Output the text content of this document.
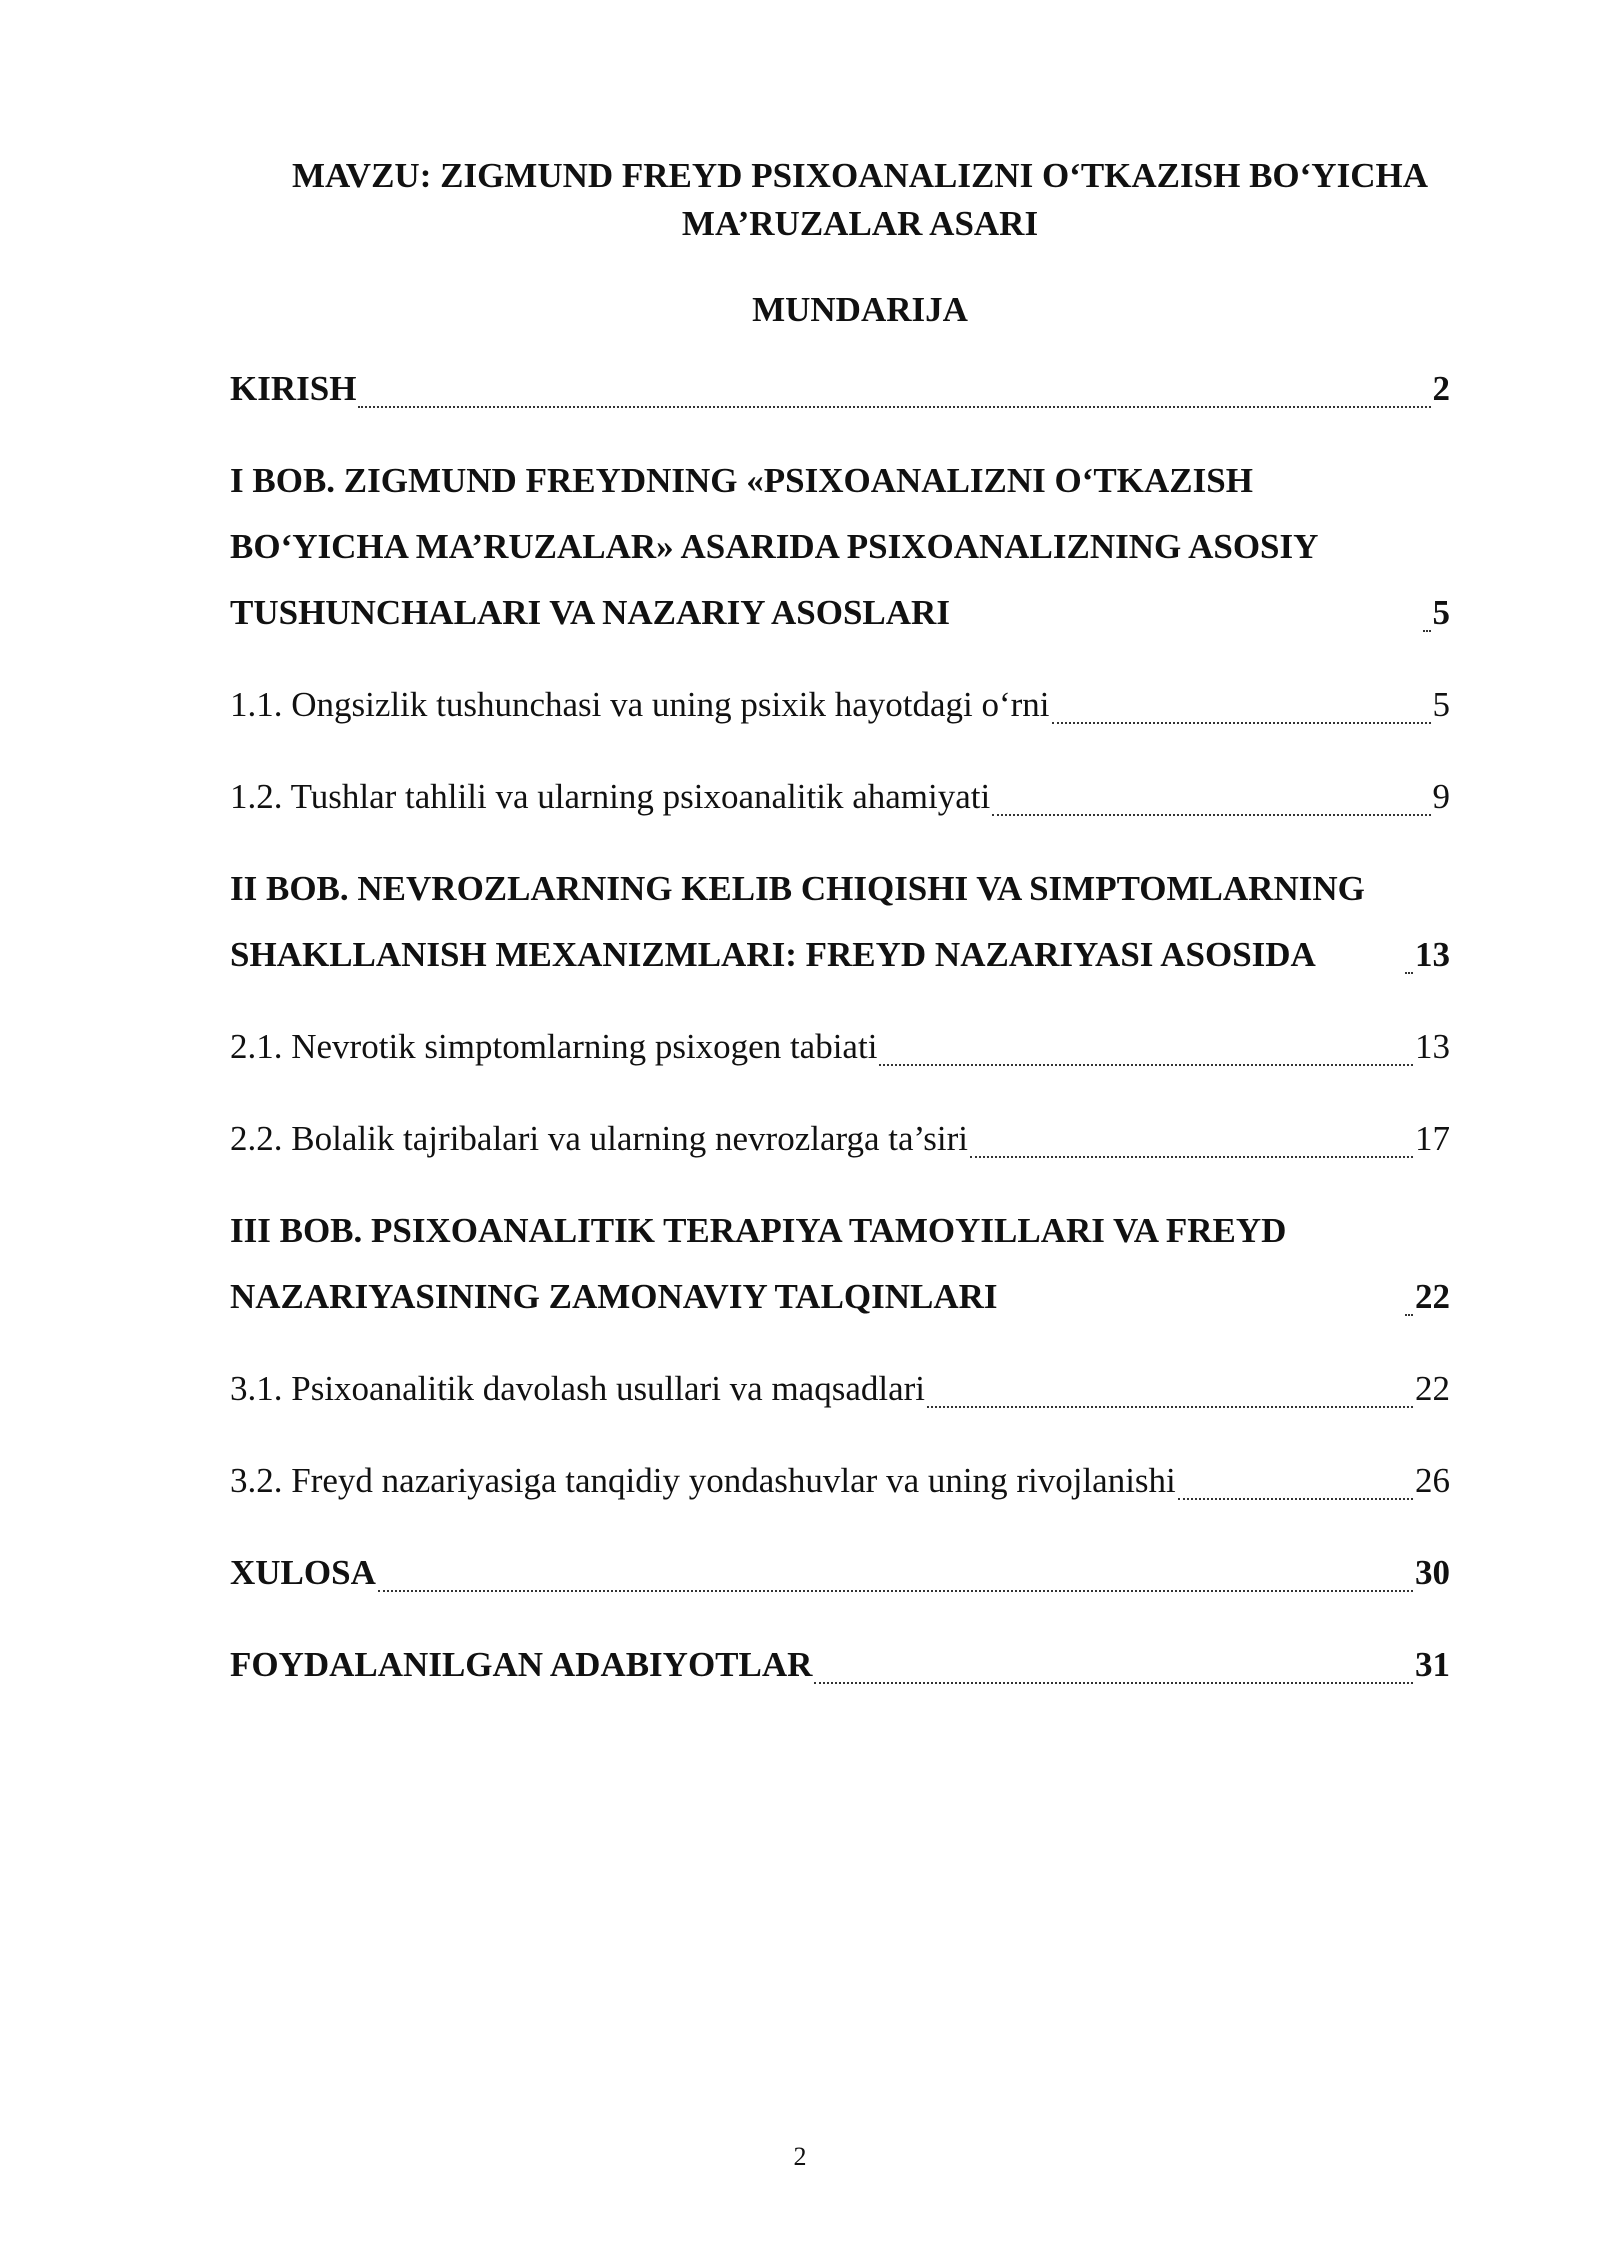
MAVZU: ZIGMUND FREYD PSIXOANALIZNI O‘TKAZISH BO‘YICHA MA’RUZALAR ASARI
MUNDARIJA
KIRISH	2
I BOB. ZIGMUND FREYDNING «PSIXOANALIZNI O‘TKAZISH BO‘YICHA MA’RUZALAR» ASARIDA PSIXOANALIZNING ASOSIY TUSHUNCHALARI VA NAZARIY ASOSLARI	5
1.1. Ongsizlik tushunchasi va uning psixik hayotdagi o‘rni	5
1.2. Tushlar tahlili va ularning psixoanalitik ahamiyati	9
II BOB. NEVROZLARNING KELIB CHIQISHI VA SIMPTOMLARNING SHAKLLANISH MEXANIZMLARI: FREYD NAZARIYASI ASOSIDA	13
2.1. Nevrotik simptomlarning psixogen tabiati	13
2.2. Bolalik tajribalari va ularning nevrozlarga ta’siri	17
III BOB. PSIXOANALITIK TERAPIYA TAMOYILLARI VA FREYD NAZARIYASINING ZAMONAVIY TALQINLARI	22
3.1. Psixoanalitik davolash usullari va maqsadlari	22
3.2. Freyd nazariyasiga tanqidiy yondashuvlar va uning rivojlanishi	26
XULOSA	30
FOYDALANILGAN ADABIYOTLAR	31
2
